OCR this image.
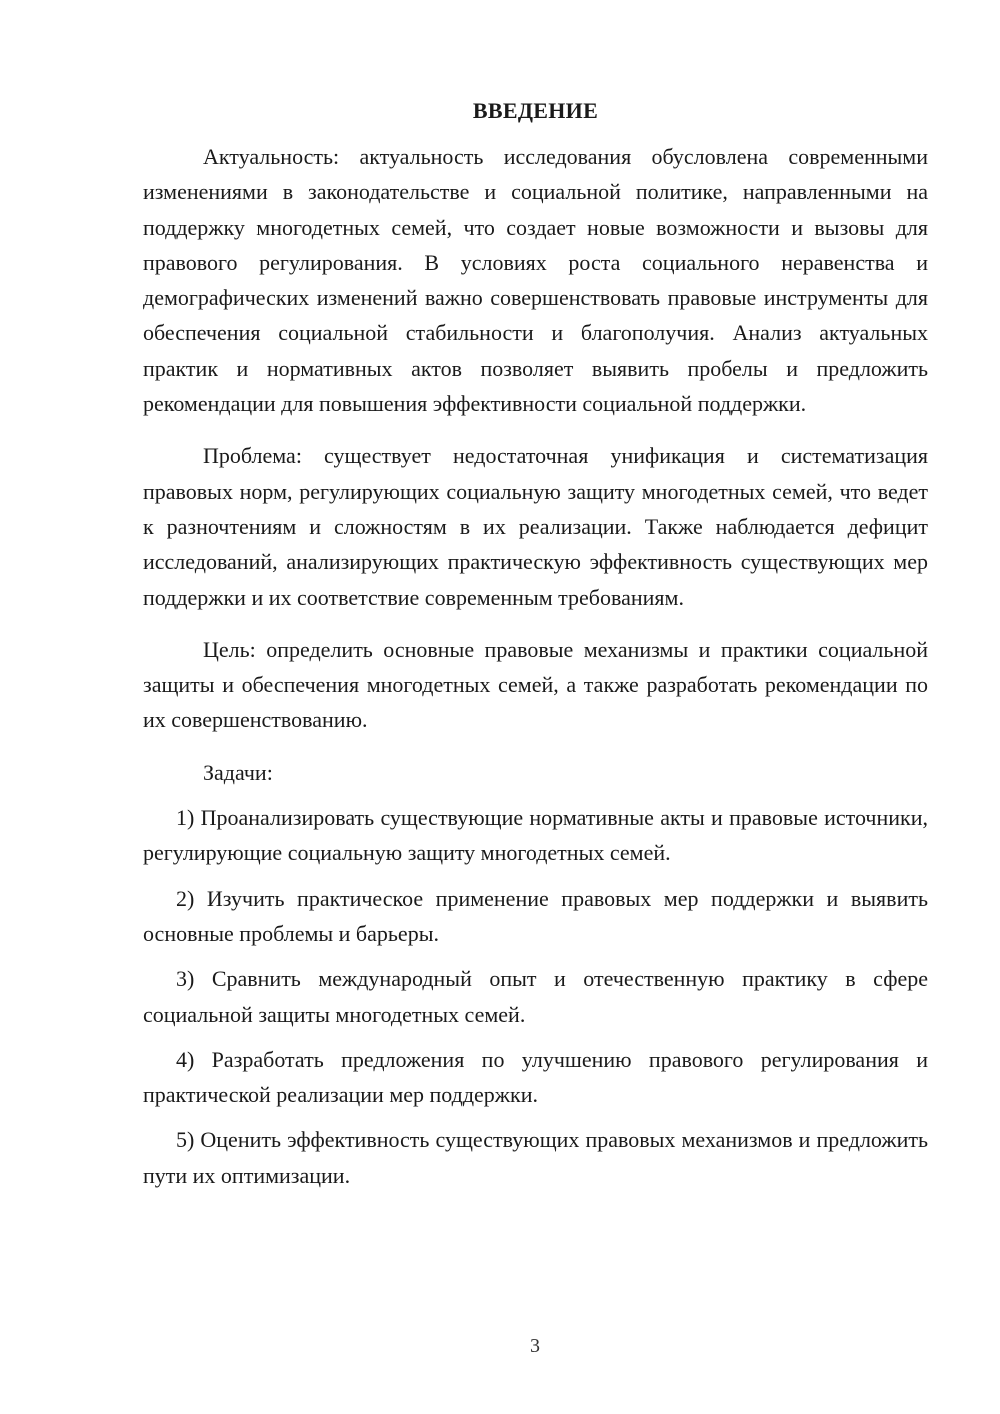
ВВЕДЕНИЕ

Актуальность: актуальность исследования обусловлена современными изменениями в законодательстве и социальной политике, направленными на поддержку многодетных семей, что создает новые возможности и вызовы для правового регулирования. В условиях роста социального неравенства и демографических изменений важно совершенствовать правовые инструменты для обеспечения социальной стабильности и благополучия. Анализ актуальных практик и нормативных актов позволяет выявить пробелы и предложить рекомендации для повышения эффективности социальной поддержки.

Проблема: существует недостаточная унификация и систематизация правовых норм, регулирующих социальную защиту многодетных семей, что ведет к разночтениям и сложностям в их реализации. Также наблюдается дефицит исследований, анализирующих практическую эффективность существующих мер поддержки и их соответствие современным требованиям.

Цель: определить основные правовые механизмы и практики социальной защиты и обеспечения многодетных семей, а также разработать рекомендации по их совершенствованию.

Задачи:

1) Проанализировать существующие нормативные акты и правовые источники, регулирующие социальную защиту многодетных семей.

2) Изучить практическое применение правовых мер поддержки и выявить основные проблемы и барьеры.

3) Сравнить международный опыт и отечественную практику в сфере социальной защиты многодетных семей.

4) Разработать предложения по улучшению правового регулирования и практической реализации мер поддержки.

5) Оценить эффективность существующих правовых механизмов и предложить пути их оптимизации.

3
